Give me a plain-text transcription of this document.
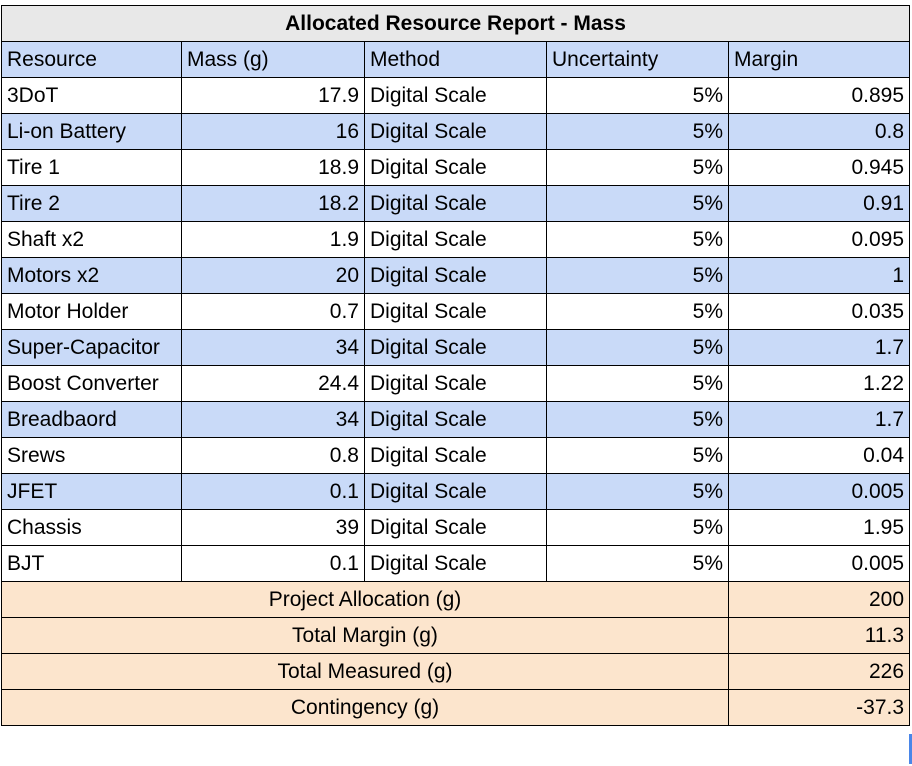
Allocated Resource Report - Mass				
Resource	Mass (g)	Method	Uncertainty	Margin
3DoT	17.9	Digital Scale	5%	0.895
Li-on Battery	16	Digital Scale	5%	0.8
Tire 1	18.9	Digital Scale	5%	0.945
Tire 2	18.2	Digital Scale	5%	0.91
Shaft x2	1.9	Digital Scale	5%	0.095
Motors x2	20	Digital Scale	5%	1
Motor Holder	0.7	Digital Scale	5%	0.035
Super-Capacitor	34	Digital Scale	5%	1.7
Boost Converter	24.4	Digital Scale	5%	1.22
Breadbaord	34	Digital Scale	5%	1.7
Srews	0.8	Digital Scale	5%	0.04
JFET	0.1	Digital Scale	5%	0.005
Chassis	39	Digital Scale	5%	1.95
BJT	0.1	Digital Scale	5%	0.005
Project Allocation (g)				200
Total Margin (g)				11.3
Total Measured (g)				226
Contingency (g)				-37.3
